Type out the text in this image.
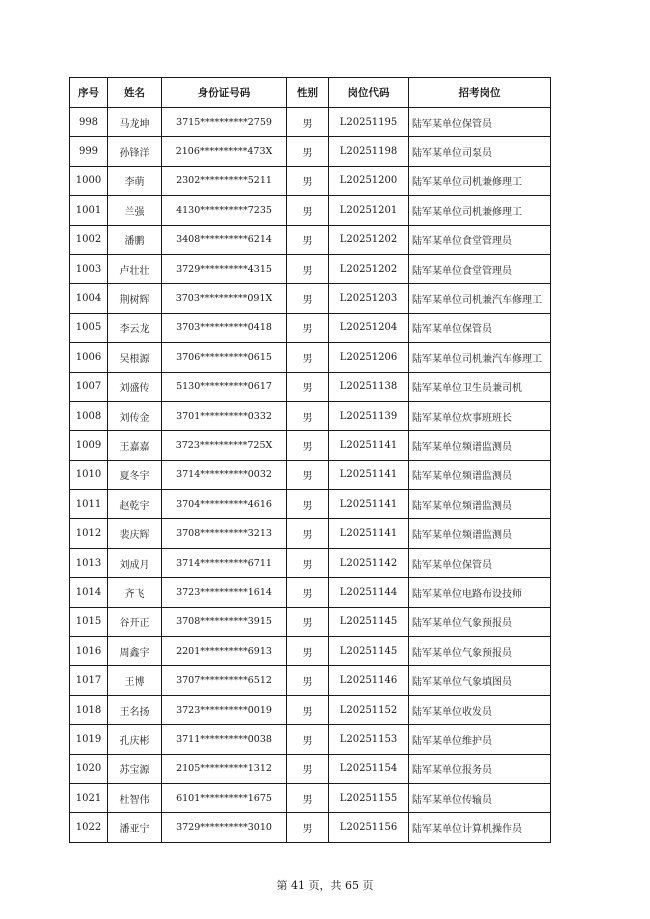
序号	姓名	身份证号码	性别	岗位代码	招考岗位
998	马龙坤	3715**********2759	男	L20251195	陆军某单位保管员
999	孙锋洋	2106**********473X	男	L20251198	陆军某单位司泵员
1000	李萌	2302**********5211	男	L20251200	陆军某单位司机兼修理工
1001	兰强	4130**********7235	男	L20251201	陆军某单位司机兼修理工
1002	潘鹏	3408**********6214	男	L20251202	陆军某单位食堂管理员
1003	卢壮壮	3729**********4315	男	L20251202	陆军某单位食堂管理员
1004	荆树辉	3703**********091X	男	L20251203	陆军某单位司机兼汽车修理工
1005	李云龙	3703**********0418	男	L20251204	陆军某单位保管员
1006	吴根源	3706**********0615	男	L20251206	陆军某单位司机兼汽车修理工
1007	刘盛传	5130**********0617	男	L20251138	陆军某单位卫生员兼司机
1008	刘传金	3701**********0332	男	L20251139	陆军某单位炊事班班长
1009	王嘉嘉	3723**********725X	男	L20251141	陆军某单位频谱监测员
1010	夏冬宇	3714**********0032	男	L20251141	陆军某单位频谱监测员
1011	赵乾宇	3704**********4616	男	L20251141	陆军某单位频谱监测员
1012	裴庆辉	3708**********3213	男	L20251141	陆军某单位频谱监测员
1013	刘成月	3714**********6711	男	L20251142	陆军某单位保管员
1014	齐飞	3723**********1614	男	L20251144	陆军某单位电路布设技师
1015	谷开正	3708**********3915	男	L20251145	陆军某单位气象预报员
1016	周鑫宇	2201**********6913	男	L20251145	陆军某单位气象预报员
1017	王博	3707**********6512	男	L20251146	陆军某单位气象填图员
1018	王名扬	3723**********0019	男	L20251152	陆军某单位收发员
1019	孔庆彬	3711**********0038	男	L20251153	陆军某单位维护员
1020	苏宝源	2105**********1312	男	L20251154	陆军某单位报务员
1021	杜智伟	6101**********1675	男	L20251155	陆军某单位传输员
1022	潘亚宁	3729**********3010	男	L20251156	陆军某单位计算机操作员
第 41 页，共 65 页
